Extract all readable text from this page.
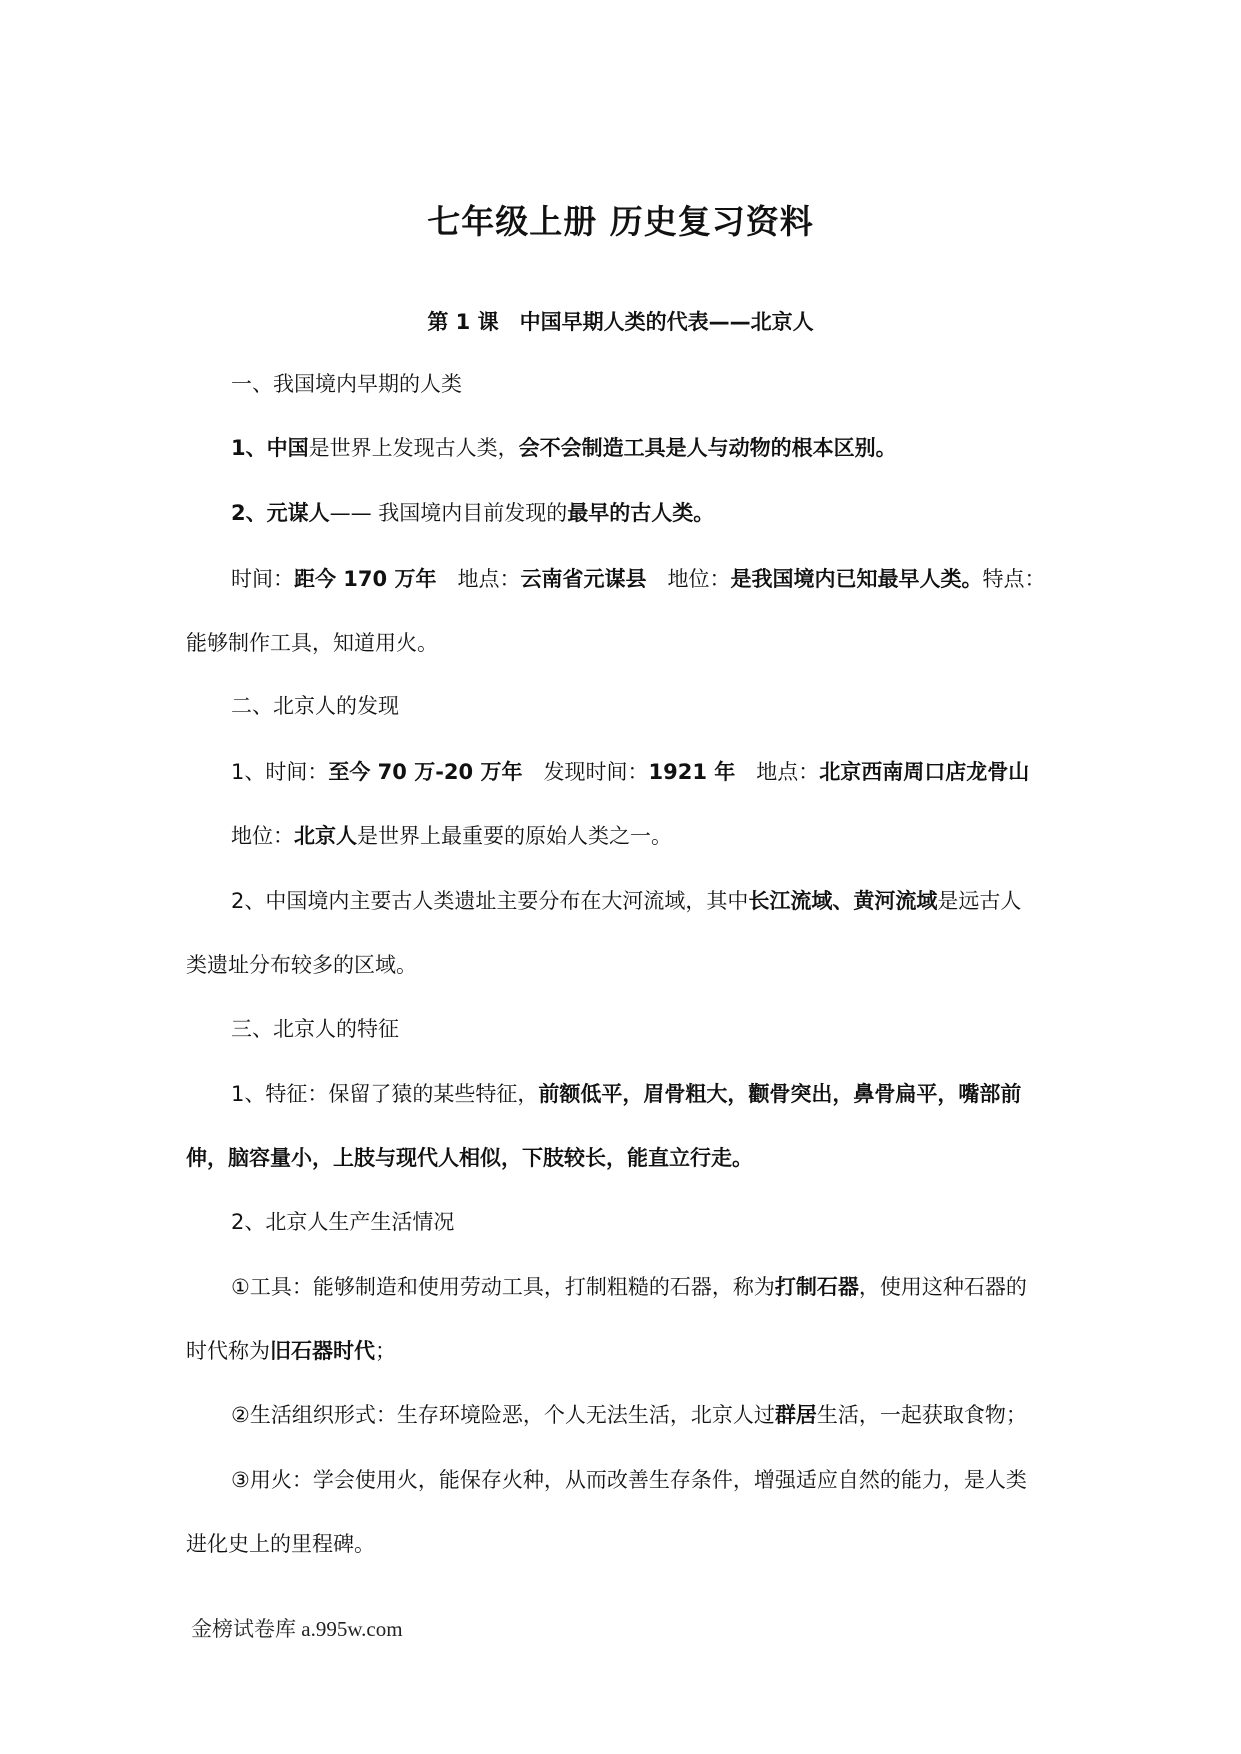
七年级上册 历史复习资料
第 1 课　中国早期人类的代表——北京人
一、我国境内早期的人类
1、中国是世界上发现古人类，会不会制造工具是人与动物的根本区别。
2、元谋人—— 我国境内目前发现的最早的古人类。
时间：距今 170 万年　地点：云南省元谋县　地位：是我国境内已知最早人类。特点：
能够制作工具，知道用火。
二、北京人的发现
1、时间：至今 70 万-20 万年　发现时间：1921 年　地点：北京西南周口店龙骨山
地位：北京人是世界上最重要的原始人类之一。
2、中国境内主要古人类遗址主要分布在大河流域，其中长江流域、黄河流域是远古人
类遗址分布较多的区域。
三、北京人的特征
1、特征：保留了猿的某些特征，前额低平，眉骨粗大，颧骨突出，鼻骨扁平，嘴部前
伸，脑容量小，上肢与现代人相似，下肢较长，能直立行走。
2、北京人生产生活情况
①工具：能够制造和使用劳动工具，打制粗糙的石器，称为打制石器，使用这种石器的
时代称为旧石器时代；
②生活组织形式：生存环境险恶，个人无法生活，北京人过群居生活，一起获取食物；
③用火：学会使用火，能保存火种，从而改善生存条件，增强适应自然的能力，是人类
进化史上的里程碑。
金榜试卷库 a.995w.com
